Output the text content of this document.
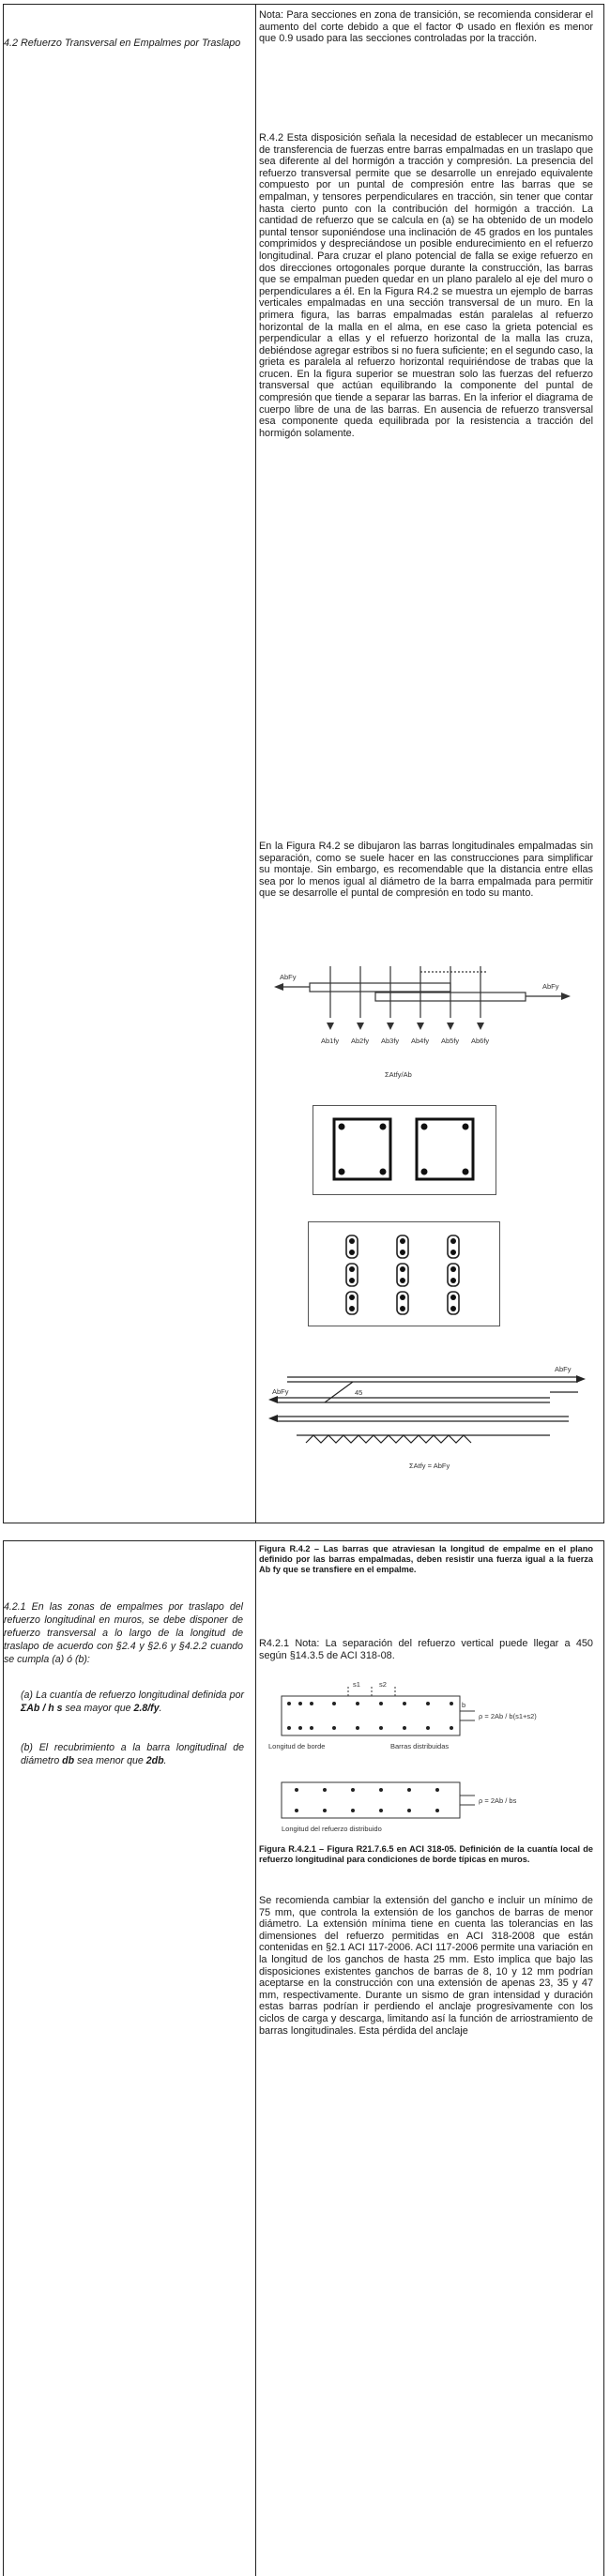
4.2 Refuerzo Transversal en Empalmes por Traslapo

Nota: Para secciones en zona de transición, se recomienda considerar el aumento del corte debido a que el factor Φ usado en flexión es menor que 0.9 usado para las secciones controladas por la tracción.

R.4.2 Esta disposición señala la necesidad de establecer un mecanismo de transferencia de fuerzas entre barras empalmadas en un traslapo que sea diferente al del hormigón a tracción y compresión. La presencia del refuerzo transversal permite que se desarrolle un enrejado equivalente compuesto por un puntal de compresión entre las barras que se empalman, y tensores perpendiculares en tracción, sin tener que contar hasta cierto punto con la contribución del hormigón a tracción. La cantidad de refuerzo que se calcula en (a) se ha obtenido de un modelo puntal tensor suponiéndose una inclinación de 45 grados en los puntales comprimidos y despreciándose un posible endurecimiento en el refuerzo longitudinal. Para cruzar el plano potencial de falla se exige refuerzo en dos direcciones ortogonales porque durante la construcción, las barras que se empalman pueden quedar en un plano paralelo al eje del muro o perpendiculares a él. En la Figura R4.2 se muestra un ejemplo de barras verticales empalmadas en una sección transversal de un muro. En la primera figura, las barras empalmadas están paralelas al refuerzo horizontal de la malla en el alma, en ese caso la grieta potencial es perpendicular a ellas y el refuerzo horizontal de la malla las cruza, debiéndose agregar estribos si no fuera suficiente; en el segundo caso, la grieta es paralela al refuerzo horizontal requiriéndose de trabas que la crucen. En la figura superior se muestran solo las fuerzas del refuerzo transversal que actúan equilibrando la componente del puntal de compresión que tiende a separar las barras. En la inferior el diagrama de cuerpo libre de una de las barras. En ausencia de refuerzo transversal esa componente queda equilibrada por la resistencia a tracción del hormigón solamente.

En la Figura R4.2 se dibujaron las barras longitudinales empalmadas sin separación, como se suele hacer en las construcciones para simplificar su montaje. Sin embargo, es recomendable que la distancia entre ellas sea por lo menos igual al diámetro de la barra empalmada para permitir que se desarrolle el puntal de compresión en todo su manto.

AbFy
AbFy
Ab1fy Ab2fy Ab3fy Ab4fy Ab5fy Ab6fy
ΣAtfy/Ab
AbFy
AbFy
45
ΣAtfy = AbFy
4.2.1 En las zonas de empalmes por traslapo del refuerzo longitudinal en muros, se debe disponer de refuerzo transversal a lo largo de la longitud de traslapo de acuerdo con §2.4 y §2.6 y §4.2.2 cuando se cumpla (a) ó (b):
(a) La cuantía de refuerzo longitudinal definida por ΣAb / h s sea mayor que 2.8/fy.
(b) El recubrimiento a la barra longitudinal de diámetro db sea menor que 2db.
Figura R.4.2 – Las barras que atraviesan la longitud de empalme en el plano definido por las barras empalmadas, deben resistir una fuerza igual a la fuerza Ab fy que se transfiere en el empalme.

R4.2.1 Nota: La separación del refuerzo vertical puede llegar a 450 según §14.3.5 de ACI 318-08.

s1	s2
b
ρ = 2Ab / b(s1+s2)
ρ = 2Ab / bs
Longitud de borde	Barras distribuidas
Longitud del refuerzo distribuido
Figura R.4.2.1 – Figura R21.7.6.5 en ACI 318-05. Definición de la cuantía local de refuerzo longitudinal para condiciones de borde típicas en muros.

Se recomienda cambiar la extensión del gancho e incluir un mínimo de 75 mm, que controla la extensión de los ganchos de barras de menor diámetro. La extensión mínima tiene en cuenta las tolerancias en las dimensiones del refuerzo permitidas en ACI 318-2008 que están contenidas en §2.1 ACI 117-2006. ACI 117-2006 permite una variación en la longitud de los ganchos de hasta 25 mm. Esto implica que bajo las disposiciones existentes ganchos de barras de 8, 10 y 12 mm podrían aceptarse en la construcción con una extensión de apenas 23, 35 y 47 mm, respectivamente. Durante un sismo de gran intensidad y duración estas barras podrían ir perdiendo el anclaje progresivamente con los ciclos de carga y descarga, limitando así la función de arriostramiento de barras longitudinales. Esta pérdida del anclaje
